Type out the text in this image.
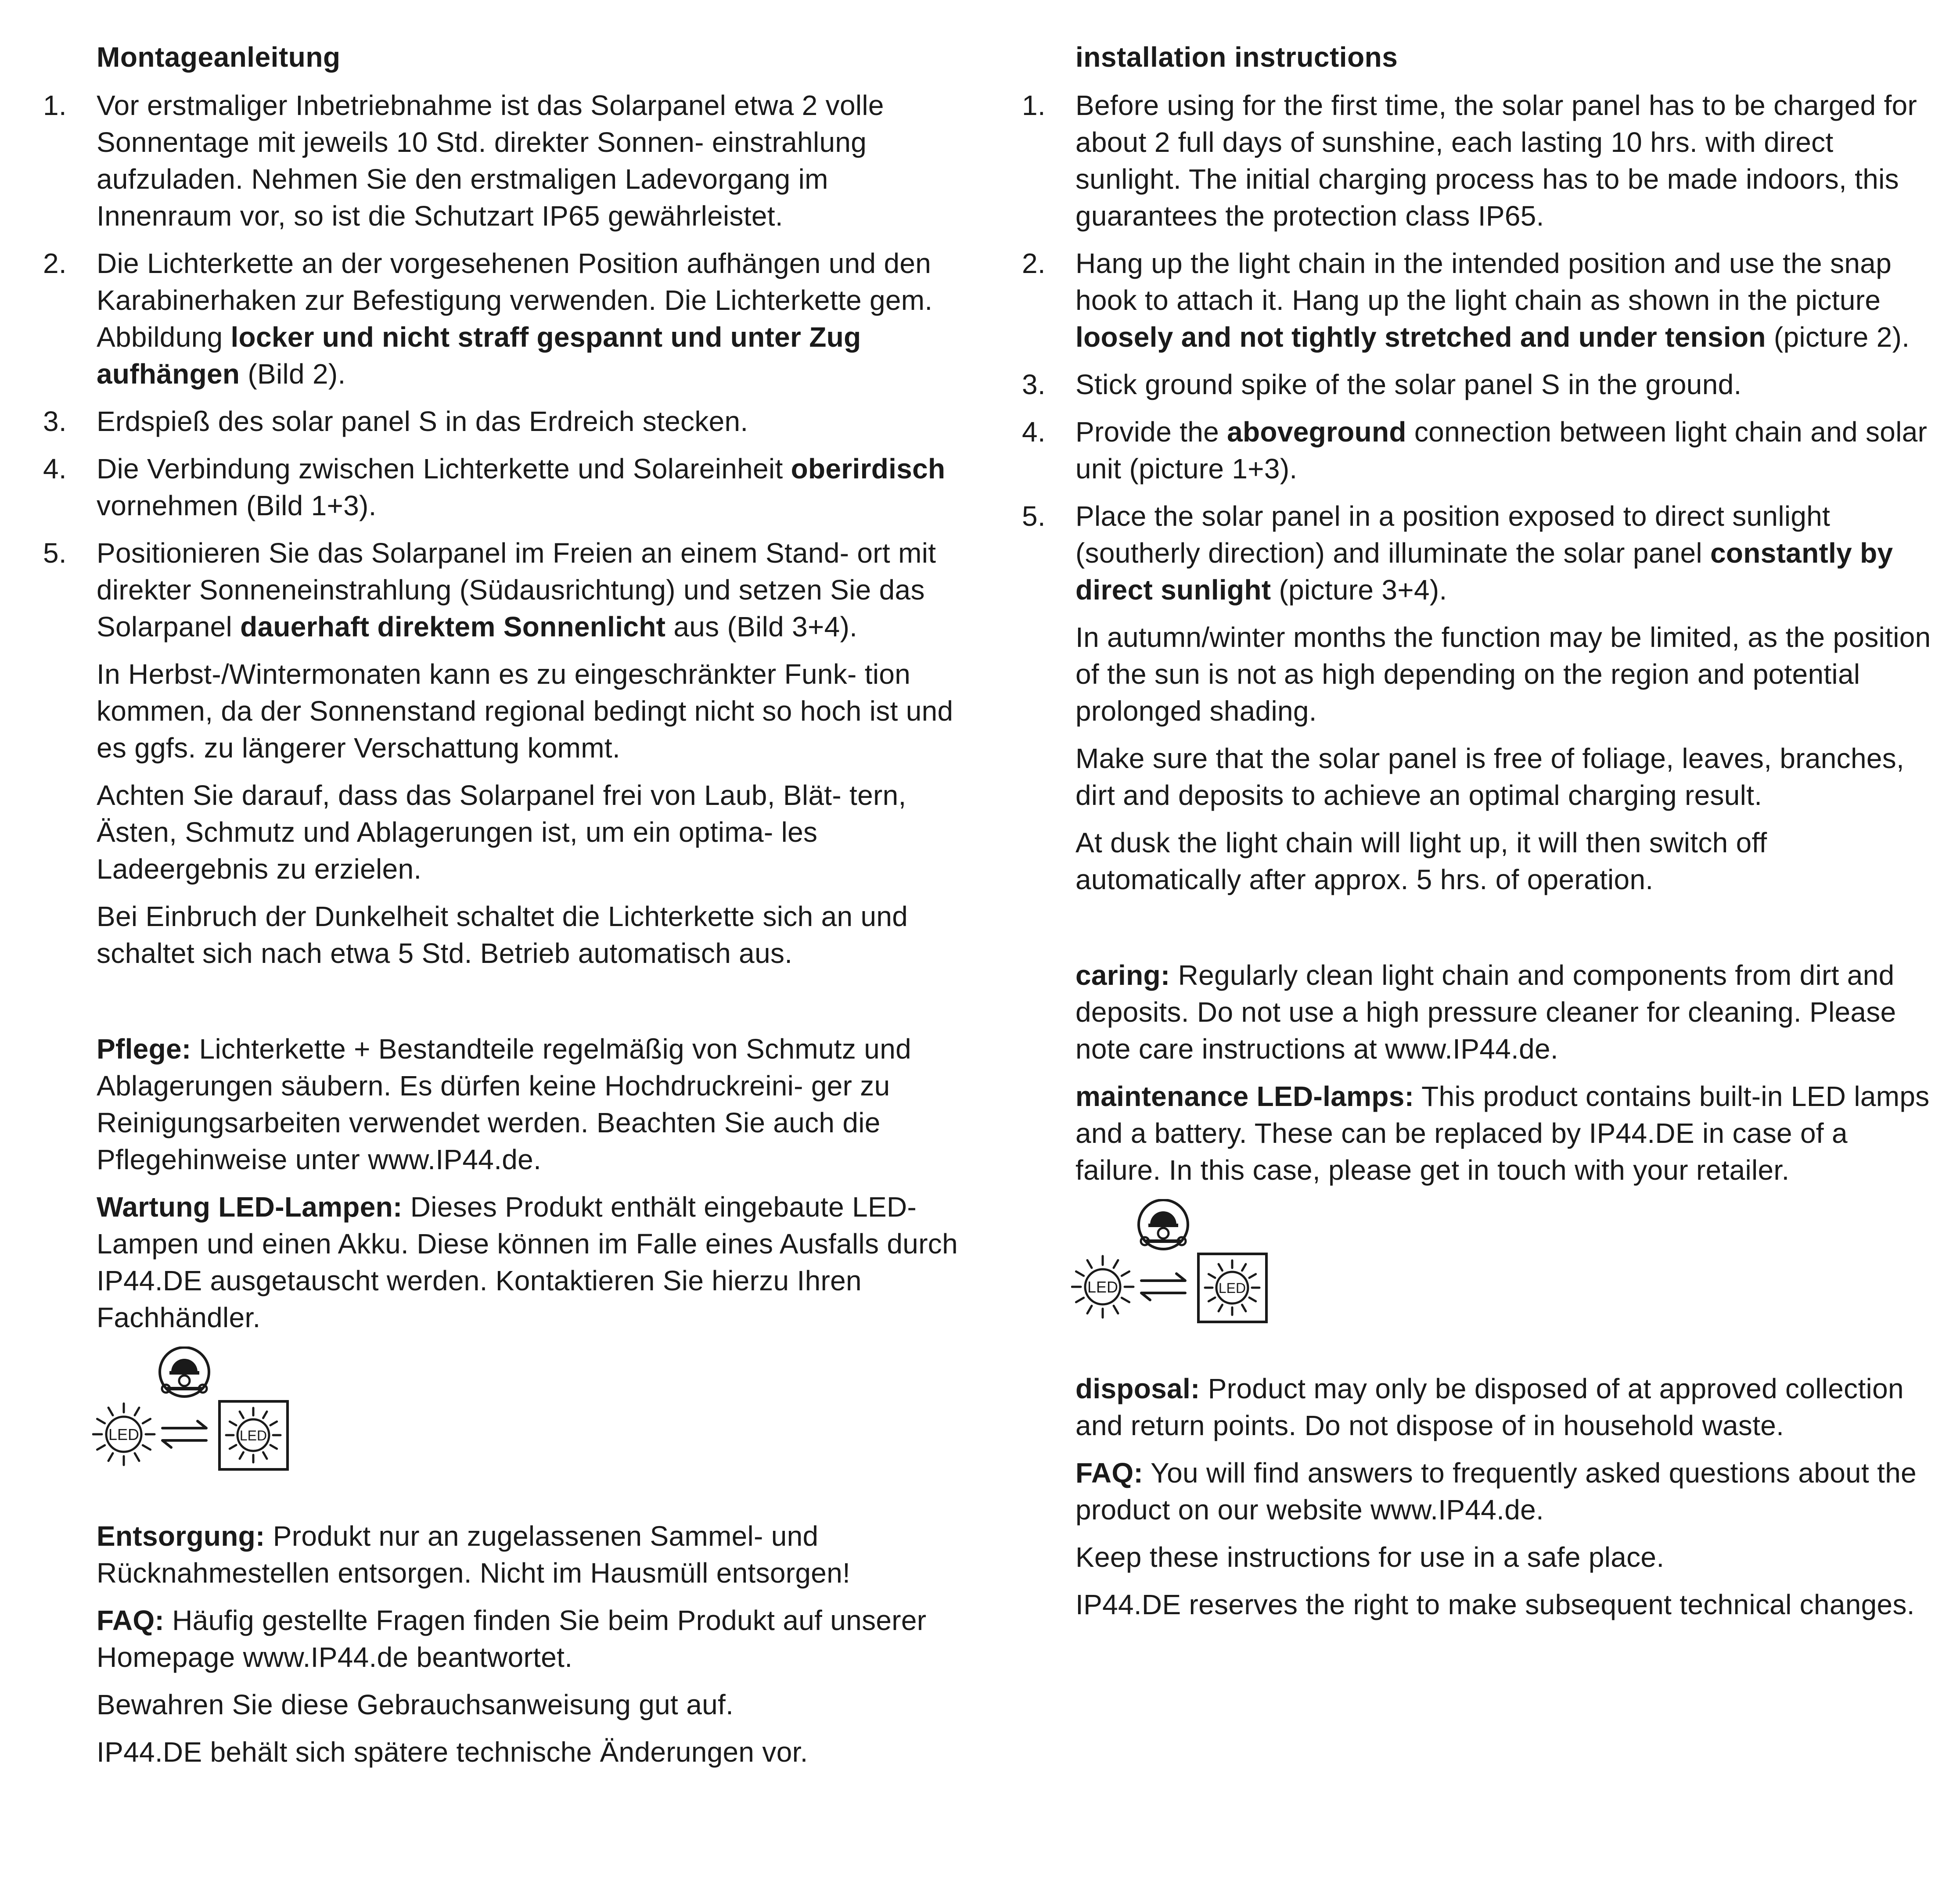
Montageanleitung
1. Vor erstmaliger Inbetriebnahme ist das Solarpanel etwa 2 volle Sonnentage mit jeweils 10 Std. direkter Sonnen- einstrahlung aufzuladen. Nehmen Sie den erstmaligen Ladevorgang im Innenraum vor, so ist die Schutzart IP65 gewährleistet.
2. Die Lichterkette an der vorgesehenen Position aufhängen und den Karabinerhaken zur Befestigung verwenden. Die Lichterkette gem. Abbildung locker und nicht straff gespannt und unter Zug aufhängen (Bild 2).
3. Erdspieß des solar panel S in das Erdreich stecken.
4. Die Verbindung zwischen Lichterkette und Solareinheit oberirdisch vornehmen (Bild 1+3).
5. Positionieren Sie das Solarpanel im Freien an einem Stand- ort mit direkter Sonneneinstrahlung (Südausrichtung) und setzen Sie das Solarpanel dauerhaft direktem Sonnenlicht aus (Bild 3+4).

In Herbst-/Wintermonaten kann es zu eingeschränkter Funk- tion kommen, da der Sonnenstand regional bedingt nicht so hoch ist und es ggfs. zu längerer Verschattung kommt.

Achten Sie darauf, dass das Solarpanel frei von Laub, Blät- tern, Ästen, Schmutz und Ablagerungen ist, um ein optima- les Ladeergebnis zu erzielen.

Bei Einbruch der Dunkelheit schaltet die Lichterkette sich an und schaltet sich nach etwa 5 Std. Betrieb automatisch aus.

Pflege: Lichterkette + Bestandteile regelmäßig von Schmutz und Ablagerungen säubern. Es dürfen keine Hochdruckreini- ger zu Reinigungsarbeiten verwendet werden. Beachten Sie auch die Pflegehinweise unter www.IP44.de.

Wartung LED-Lampen: Dieses Produkt enthält eingebaute LED-Lampen und einen Akku. Diese können im Falle eines Ausfalls durch IP44.DE ausgetauscht werden. Kontaktieren Sie hierzu Ihren Fachhändler.

LED	LED

Entsorgung: Produkt nur an zugelassenen Sammel- und Rücknahmestellen entsorgen. Nicht im Hausmüll entsorgen!

FAQ: Häufig gestellte Fragen finden Sie beim Produkt auf unserer Homepage www.IP44.de beantwortet.

Bewahren Sie diese Gebrauchsanweisung gut auf.

IP44.DE behält sich spätere technische Änderungen vor.

installation instructions
1. Before using for the first time, the solar panel has to be charged for about 2 full days of sunshine, each lasting 10 hrs. with direct sunlight. The initial charging process has to be made indoors, this guarantees the protection class IP65.
2. Hang up the light chain in the intended position and use the snap hook to attach it. Hang up the light chain as shown in the picture loosely and not tightly stretched and under tension (picture 2).
3. Stick ground spike of the solar panel S in the ground.
4. Provide the aboveground connection between light chain and solar unit (picture 1+3).
5. Place the solar panel in a position exposed to direct sunlight (southerly direction) and illuminate the solar panel constantly by direct sunlight (picture 3+4).

In autumn/winter months the function may be limited, as the position of the sun is not as high depending on the region and potential prolonged shading.

Make sure that the solar panel is free of foliage, leaves, branches, dirt and deposits to achieve an optimal charging result.

At dusk the light chain will light up, it will then switch off automatically after approx. 5 hrs. of operation.

caring: Regularly clean light chain and components from dirt and deposits. Do not use a high pressure cleaner for cleaning. Please note care instructions at www.IP44.de.

maintenance LED-lamps: This product contains built-in LED lamps and a battery. These can be replaced by IP44.DE in case of a failure. In this case, please get in touch with your retailer.

LED	LED

disposal: Product may only be disposed of at approved collection and return points. Do not dispose of in household waste.

FAQ: You will find answers to frequently asked questions about the product on our website www.IP44.de.

Keep these instructions for use in a safe place.

IP44.DE reserves the right to make subsequent technical changes.
